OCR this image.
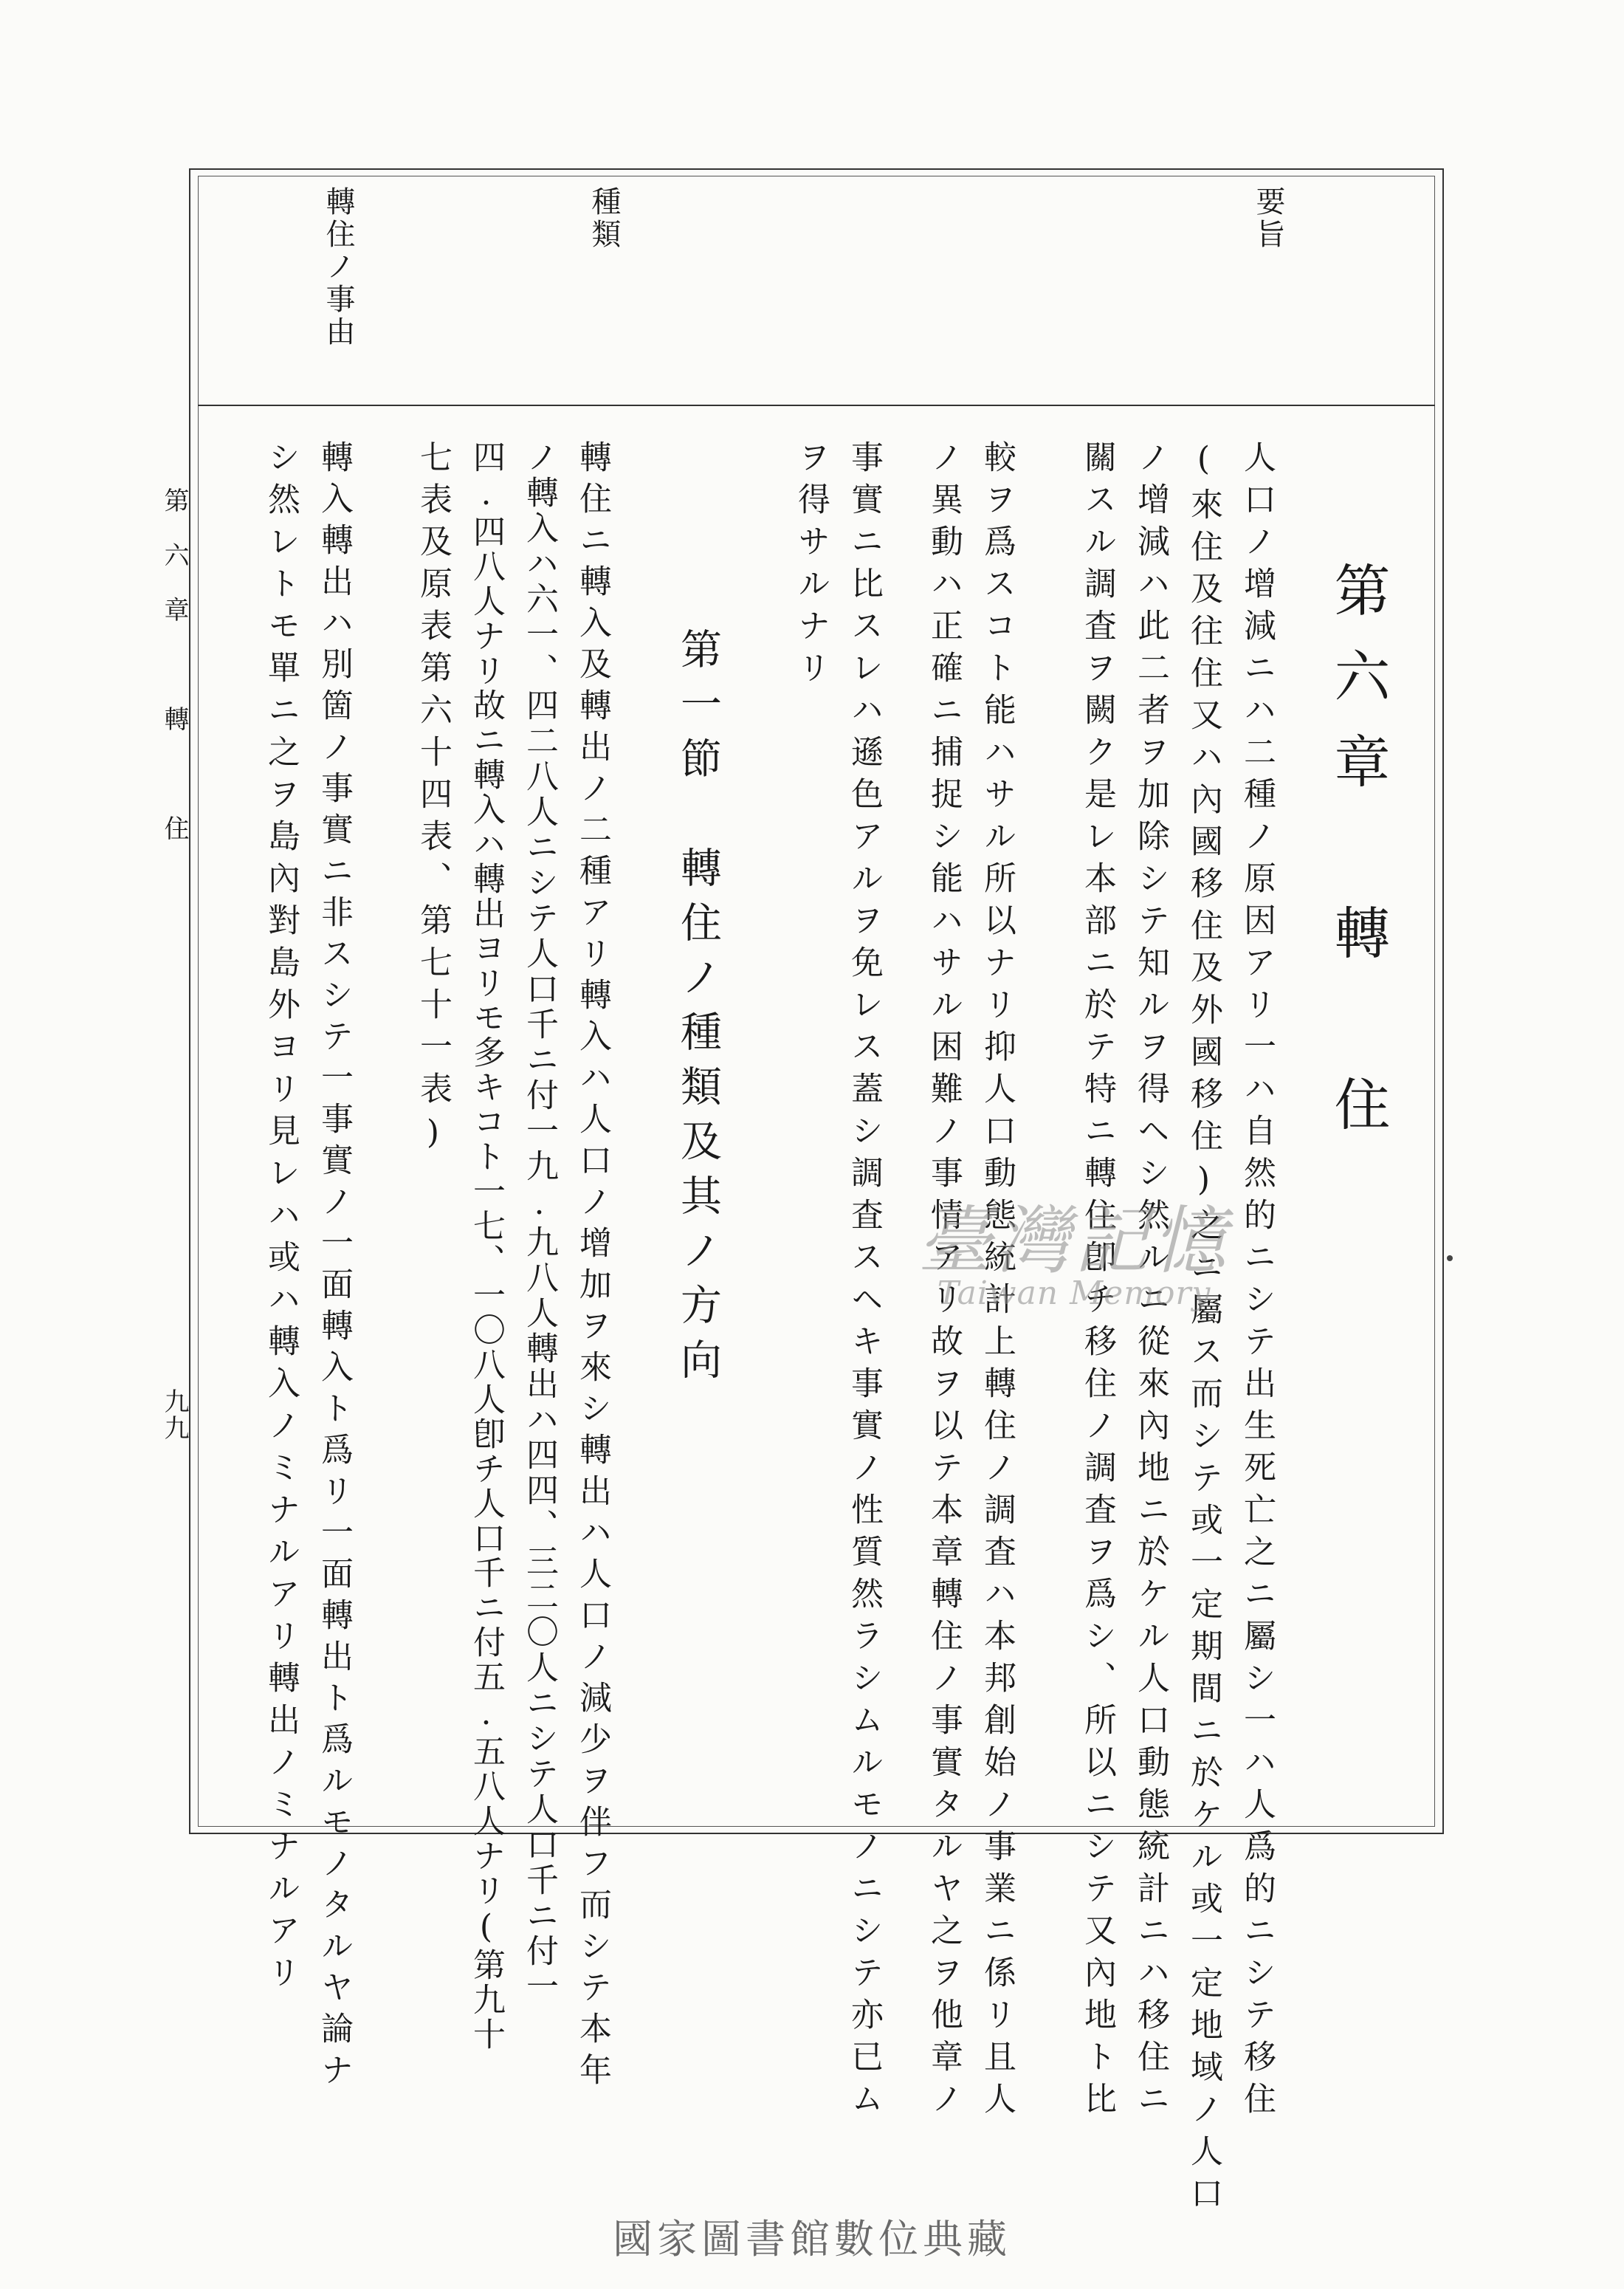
要旨
種類
轉住ノ事由
第六章　轉　住
人口ノ增減ニハ二種ノ原因アリ一ハ自然的ニシテ出生死亡之ニ屬シ一ハ人爲的ニシテ移住
(來住及往住又ハ內國移住及外國移住)之ニ屬ス而シテ或一定期間ニ於ケル或一定地域ノ人口
ノ增減ハ此二者ヲ加除シテ知ルヲ得ヘシ然ルニ從來內地ニ於ケル人口動態統計ニハ移住ニ
關スル調査ヲ闕ク是レ本部ニ於テ特ニ轉住卽チ移住ノ調査ヲ爲シ、所以ニシテ又內地ト比
較ヲ爲スコト能ハサル所以ナリ抑人口動態統計上轉住ノ調査ハ本邦創始ノ事業ニ係リ且人
ノ異動ハ正確ニ捕捉シ能ハサル困難ノ事情アリ故ヲ以テ本章轉住ノ事實タルヤ之ヲ他章ノ
事實ニ比スレハ遜色アルヲ免レス蓋シ調査スヘキ事實ノ性質然ラシムルモノニシテ亦已ム
ヲ得サルナリ
第一節　轉住ノ種類及其ノ方向
轉住ニ轉入及轉出ノ二種アリ轉入ハ人口ノ增加ヲ來シ轉出ハ人口ノ減少ヲ伴フ而シテ本年
ノ轉入ハ六一、四二八人ニシテ人口千ニ付一九.九八人轉出ハ四四、三二〇人ニシテ人口千ニ付一
四.四八人ナリ故ニ轉入ハ轉出ヨリモ多キコト一七、一〇八人卽チ人口千ニ付五.五八人ナリ(第九十
七表及原表第六十四表、第七十一表)
轉入轉出ハ別箇ノ事實ニ非スシテ一事實ノ一面轉入ト爲リ一面轉出ト爲ルモノタルヤ論ナ
シ然レトモ單ニ之ヲ島內對島外ヨリ見レハ或ハ轉入ノミナルアリ轉出ノミナルアリ
第六章　轉　住
九九
臺灣記憶
Taiwan Memory
國家圖書館數位典藏
